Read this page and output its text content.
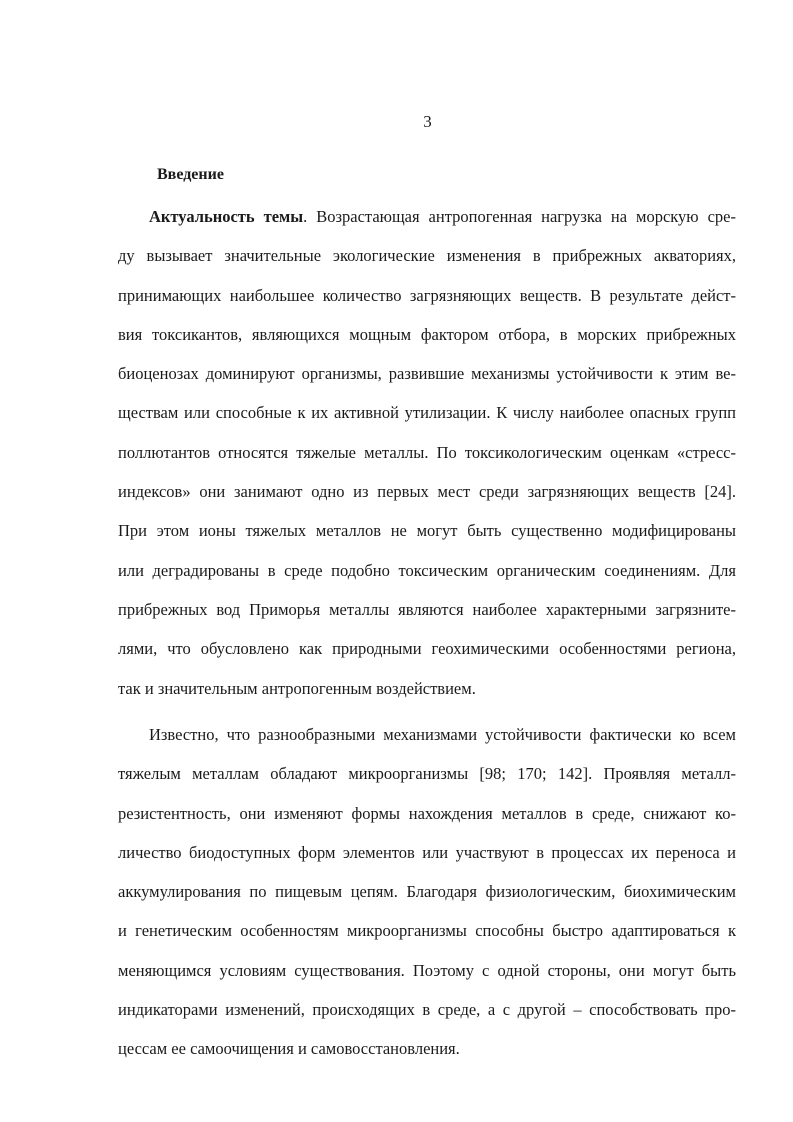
3
Введение
Актуальность темы. Возрастающая антропогенная нагрузка на морскую сре-
ду вызывает значительные экологические изменения в прибрежных акваториях,
принимающих наибольшее количество загрязняющих веществ. В результате дейст-
вия токсикантов, являющихся мощным фактором отбора, в морских прибрежных
биоценозах доминируют организмы, развившие механизмы устойчивости к этим ве-
ществам или способные к их активной утилизации. К числу наиболее опасных групп
поллютантов относятся тяжелые металлы. По токсикологическим оценкам «стресс-
индексов» они занимают одно из первых мест среди загрязняющих веществ [24].
При этом ионы тяжелых металлов не могут быть существенно модифицированы
или деградированы в среде подобно токсическим органическим соединениям. Для
прибрежных вод Приморья металлы являются наиболее характерными загрязните-
лями, что обусловлено как природными геохимическими особенностями региона,
так и значительным антропогенным воздействием.
Известно, что разнообразными механизмами устойчивости фактически ко всем
тяжелым металлам обладают микроорганизмы [98; 170; 142]. Проявляя металл-
резистентность, они изменяют формы нахождения металлов в среде, снижают ко-
личество биодоступных форм элементов или участвуют в процессах их переноса и
аккумулирования по пищевым цепям. Благодаря физиологическим, биохимическим
и генетическим особенностям микроорганизмы способны быстро адаптироваться к
меняющимся условиям существования. Поэтому с одной стороны, они могут быть
индикаторами изменений, происходящих в среде, а с другой – способствовать про-
цессам ее самоочищения и самовосстановления.
